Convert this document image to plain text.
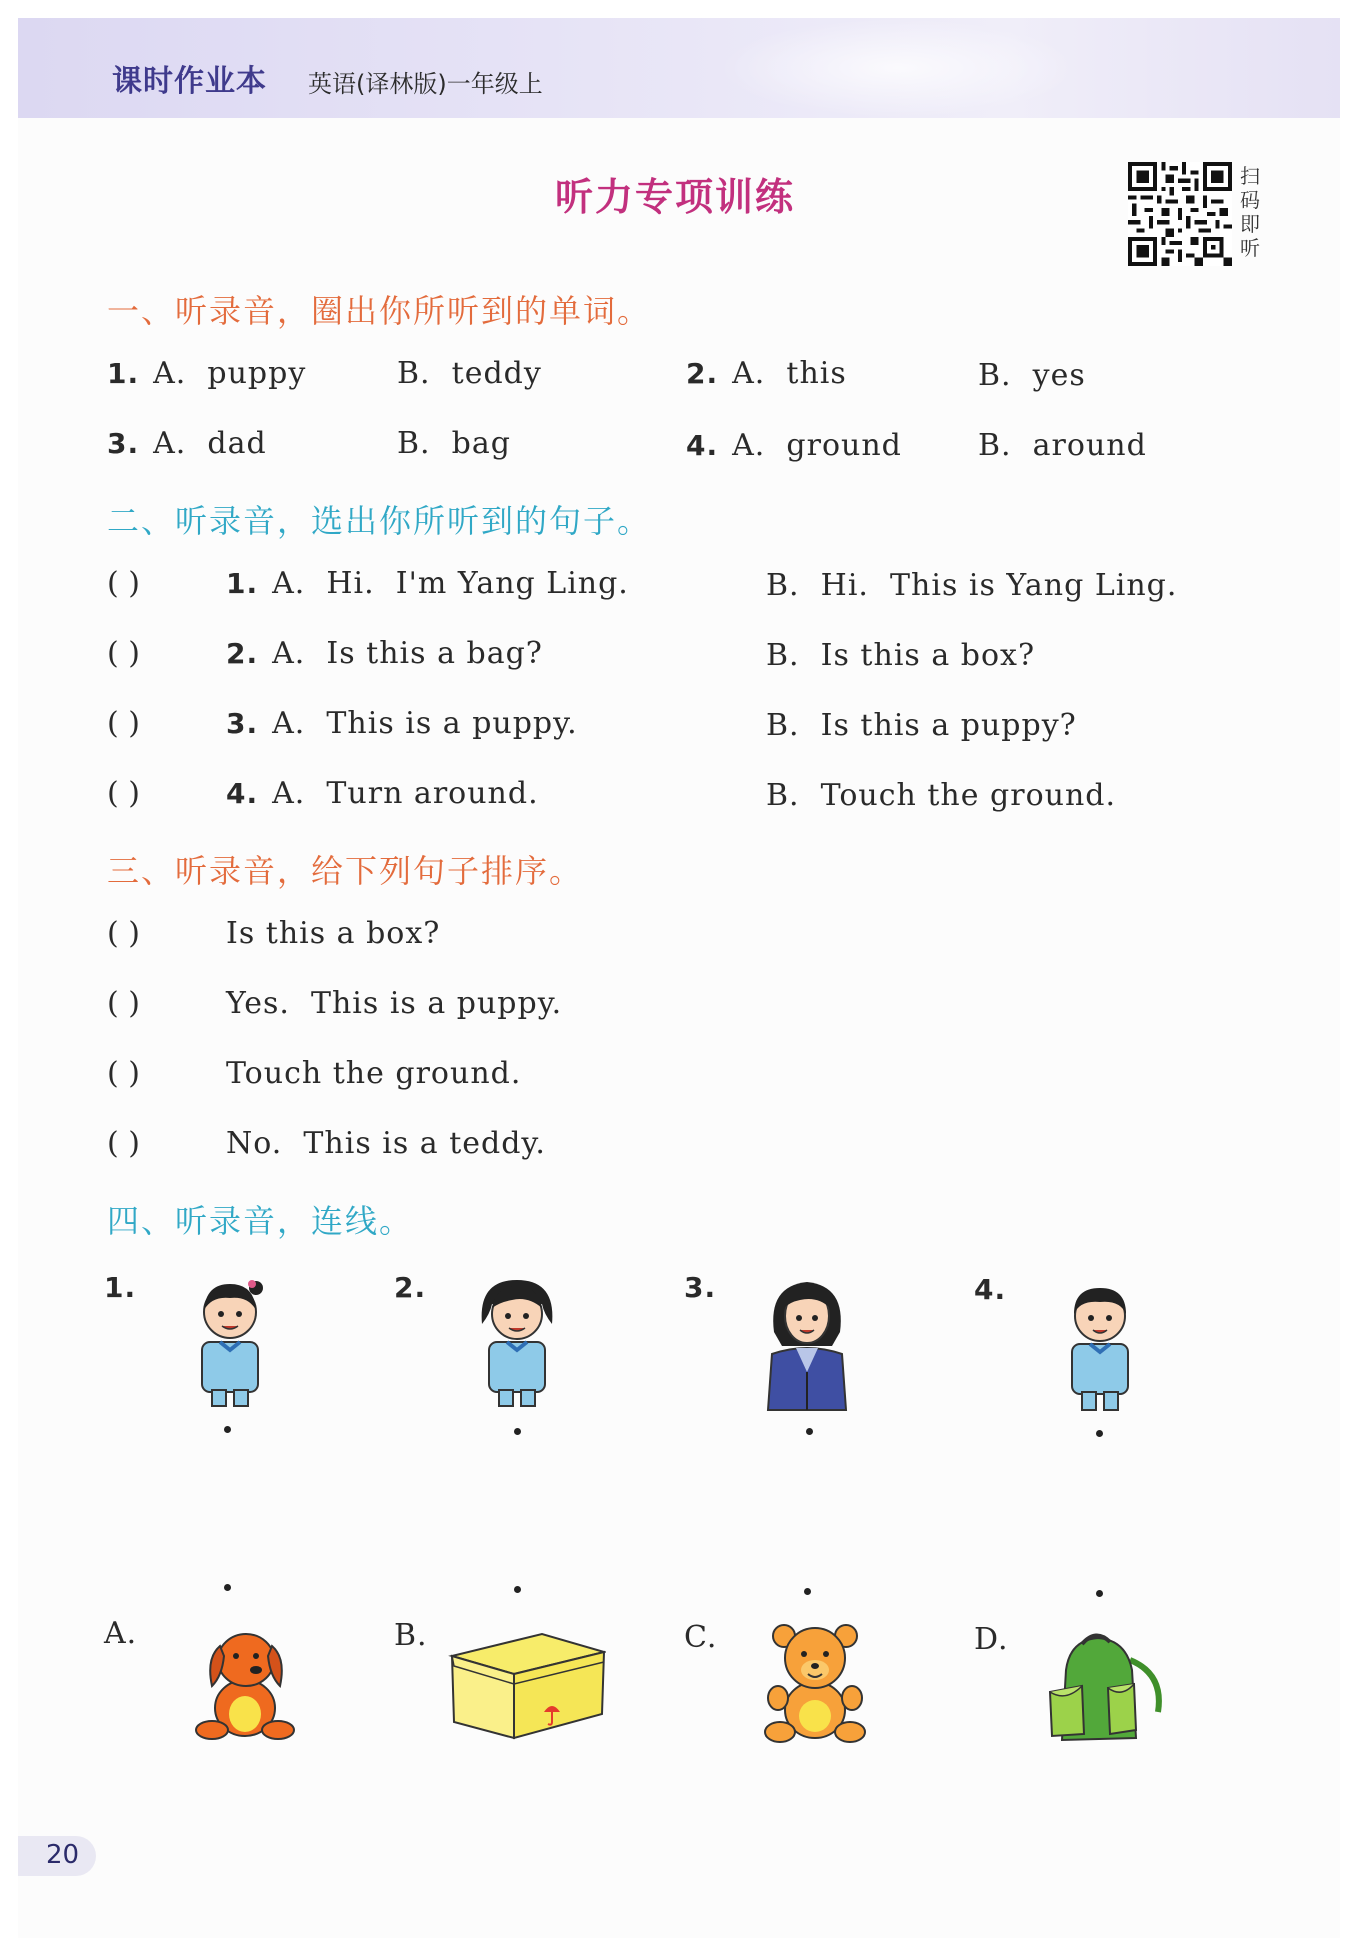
课时作业本 英语(译林版)一年级上
听力专项训练	扫
码
即
听
一、听录音，圈出你所听到的单词。
1. A.  puppy	B.  teddy	2. A.  this	B.  yes
3. A.  dad	B.  bag	4. A.  ground	B.  around
二、听录音，选出你所听到的句子。
( )	1. A.  Hi.  I'm Yang Ling.	B.  Hi.  This is Yang Ling.
( )	2. A.  Is this a bag?	B.  Is this a box?
( )	3. A.  This is a puppy.	B.  Is this a puppy?
( )	4. A.  Turn around.	B.  Touch the ground.
三、听录音，给下列句子排序。
( )	Is this a box?
( )	Yes.  This is a puppy.
( )	Touch the ground.
( )	No.  This is a teddy.
四、听录音，连线。
1.	2.	3.	4.
A.	B.	C.	D.
20
